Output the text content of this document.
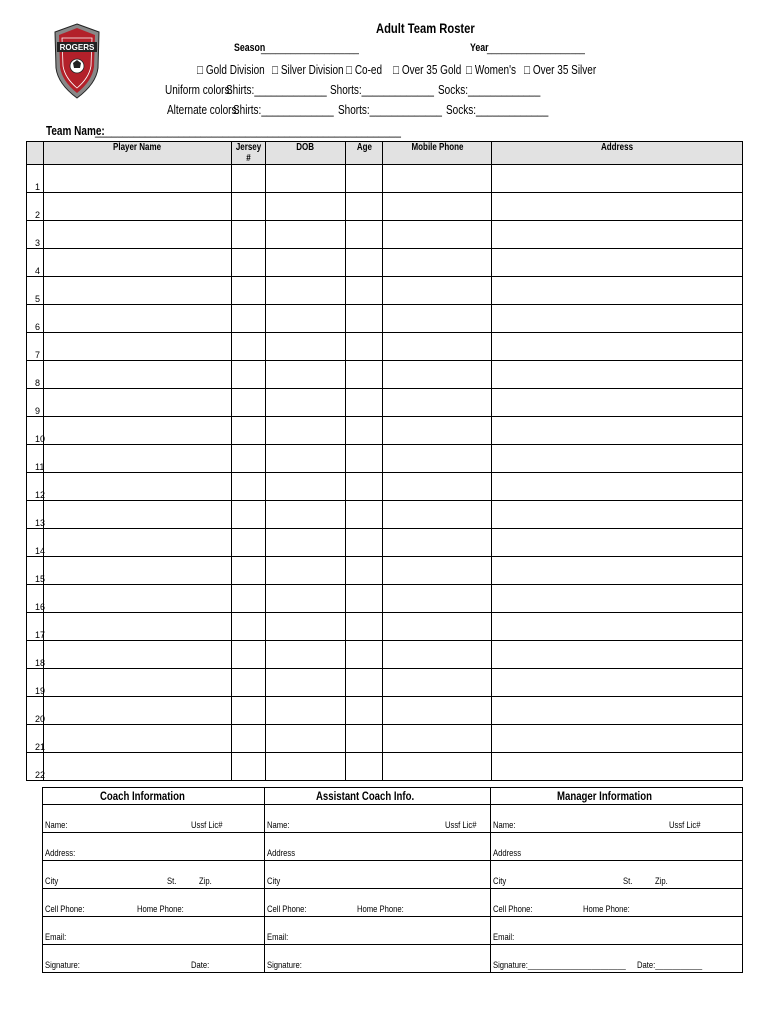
ROGERS
Adult Team Roster
Season
____________________	Year
____________________
□ Gold Division □ Silver Division □ Co-ed □ Over 35 Gold □ Women's □ Over 35 Silver
Uniform colors:
Shirts:_____________ Shorts:_____________ Socks:_____________
Alternate colors:
Shirts:_____________ Shorts:_____________ Socks:_____________
Team Name:
_______________________________________________________
	Player Name	Jersey #	DOB	Age	Mobile Phone	Address
1						
2						
3						
4						
5						
6						
7						
8						
9						
10						
11						
12						
13						
14						
15						
16						
17						
18						
19						
20						
21						
22						
Coach Information	Assistant Coach Info.	Manager Information

Name: Ussf Lic#	Name: Ussf Lic#	Name: Ussf Lic#

Address:	Address	Address

City St. Zip.	City	City St. Zip.

Cell Phone: Home Phone:	Cell Phone: Home Phone:	Cell Phone: Home Phone:

Email:	Email:	Email:

Signature: Date:	Signature:	Signature:_______________________ Date:___________
